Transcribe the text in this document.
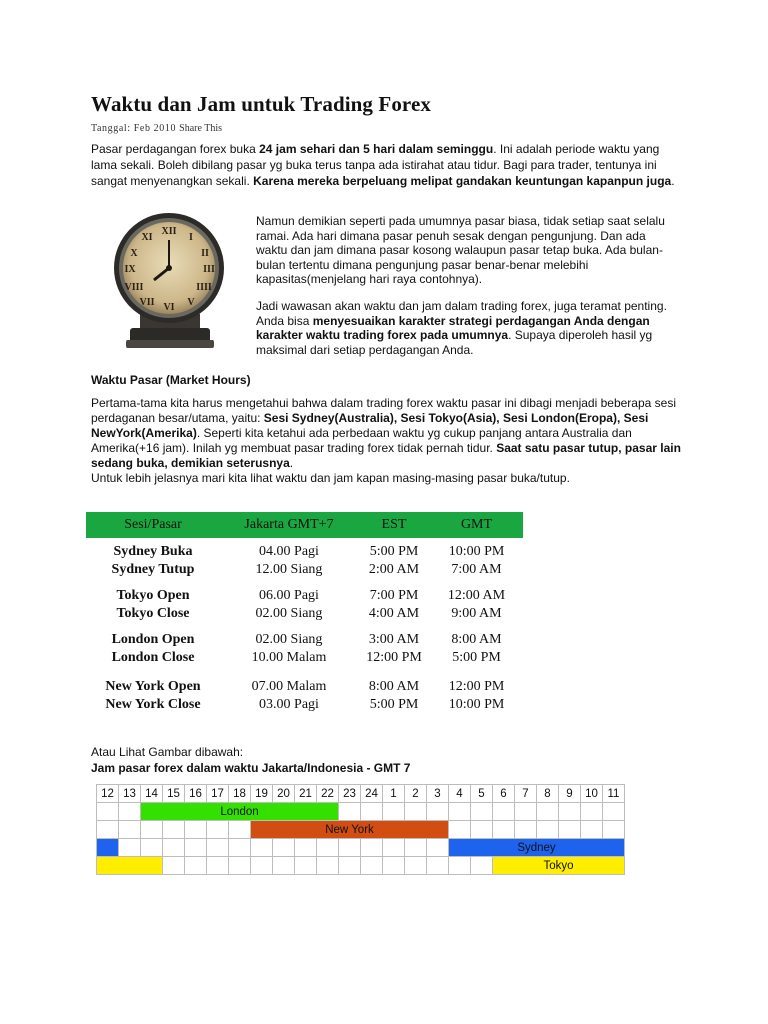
Waktu dan Jam untuk Trading Forex
Tanggal: Feb 2010 Share This

Pasar perdagangan forex buka 24 jam sehari dan 5 hari dalam seminggu. Ini adalah periode waktu yang lama sekali. Boleh dibilang pasar yg buka terus tanpa ada istirahat atau tidur. Bagi para trader, tentunya ini sangat menyenangkan sekali. Karena mereka berpeluang melipat gandakan keuntungan kapanpun juga.

XII
I
II
III
IIII
V
VI
VII
VIII
IX
X
XI

Namun demikian seperti pada umumnya pasar biasa, tidak setiap saat selalu ramai. Ada hari dimana pasar penuh sesak dengan pengunjung. Dan ada waktu dan jam dimana pasar kosong walaupun pasar tetap buka. Ada bulan-bulan tertentu dimana pengunjung pasar benar-benar melebihi kapasitas(menjelang hari raya contohnya).

Jadi wawasan akan waktu dan jam dalam trading forex, juga teramat penting. Anda bisa menyesuaikan karakter strategi perdagangan Anda dengan karakter waktu trading forex pada umumnya. Supaya diperoleh hasil yg maksimal dari setiap perdagangan Anda.

Waktu Pasar (Market Hours)

Pertama-tama kita harus mengetahui bahwa dalam trading forex waktu pasar ini dibagi menjadi beberapa sesi perdaganan besar/utama, yaitu: Sesi Sydney(Australia), Sesi Tokyo(Asia), Sesi London(Eropa), Sesi NewYork(Amerika). Seperti kita ketahui ada perbedaan waktu yg cukup panjang antara Australia dan Amerika(+16 jam). Inilah yg membuat pasar trading forex tidak pernah tidur. Saat satu pasar tutup, pasar lain sedang buka, demikian seterusnya.

Untuk lebih jelasnya mari kita lihat waktu dan jam kapan masing-masing pasar buka/tutup.

Sesi/Pasar	Jakarta GMT+7	EST	GMT
Sydney Buka	04.00 Pagi	5:00 PM	10:00 PM
Sydney Tutup	12.00 Siang	2:00 AM	7:00 AM
Tokyo Open	06.00 Pagi	7:00 PM	12:00 AM
Tokyo Close	02.00 Siang	4:00 AM	9:00 AM
London Open	02.00 Siang	3:00 AM	8:00 AM
London Close	10.00 Malam	12:00 PM	5:00 PM
New York Open	07.00 Malam	8:00 AM	12:00 PM
New York Close	03.00 Pagi	5:00 PM	10:00 PM

Atau Lihat Gambar dibawah:

Jam pasar forex dalam waktu Jakarta/Indonesia - GMT 7

12	13	14	15	16	17	18	19	20	21	22	23	24	1	2	3	4	5	6	7	8	9	10	11
		London																					
							New York																
																Sydney							
																		Tokyo					
